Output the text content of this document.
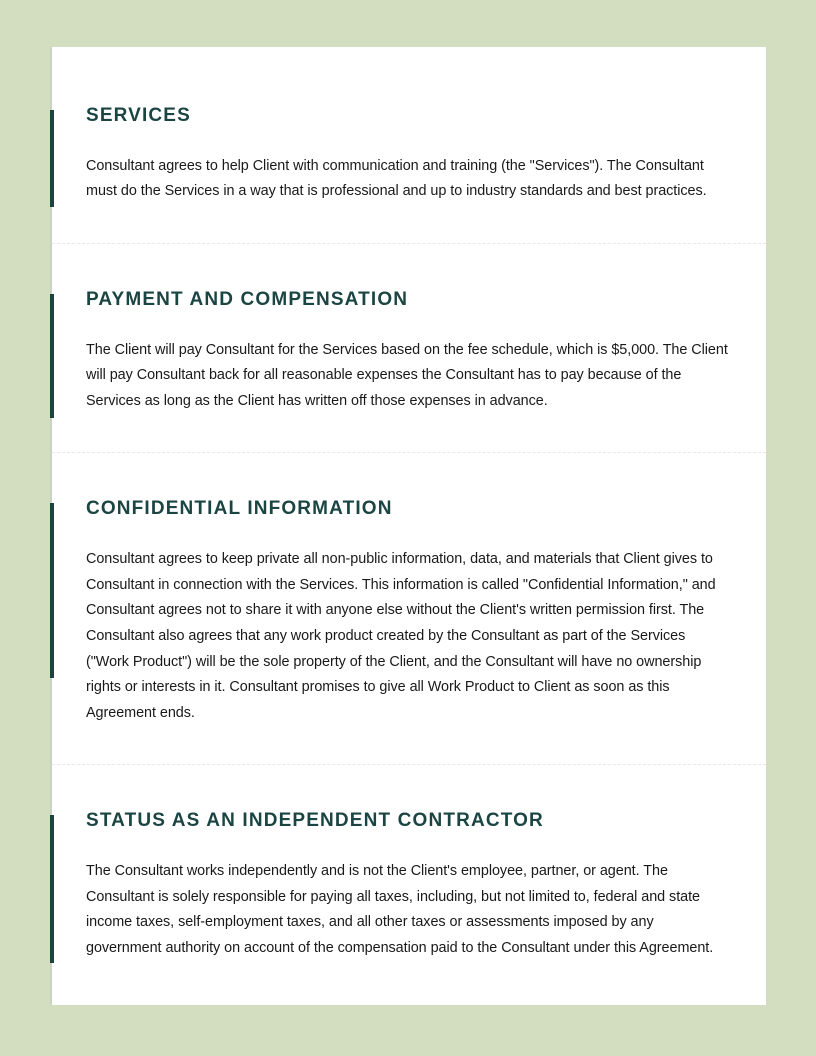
SERVICES

Consultant agrees to help Client with communication and training (the "Services"). The Consultant must do the Services in a way that is professional and up to industry standards and best practices.

PAYMENT AND COMPENSATION

The Client will pay Consultant for the Services based on the fee schedule, which is $5,000. The Client will pay Consultant back for all reasonable expenses the Consultant has to pay because of the Services as long as the Client has written off those expenses in advance.

CONFIDENTIAL INFORMATION

Consultant agrees to keep private all non-public information, data, and materials that Client gives to Consultant in connection with the Services. This information is called "Confidential Information," and Consultant agrees not to share it with anyone else without the Client's written permission first. The Consultant also agrees that any work product created by the Consultant as part of the Services ("Work Product") will be the sole property of the Client, and the Consultant will have no ownership rights or interests in it. Consultant promises to give all Work Product to Client as soon as this Agreement ends.

STATUS AS AN INDEPENDENT CONTRACTOR

The Consultant works independently and is not the Client's employee, partner, or agent. The Consultant is solely responsible for paying all taxes, including, but not limited to, federal and state income taxes, self-employment taxes, and all other taxes or assessments imposed by any government authority on account of the compensation paid to the Consultant under this Agreement.
